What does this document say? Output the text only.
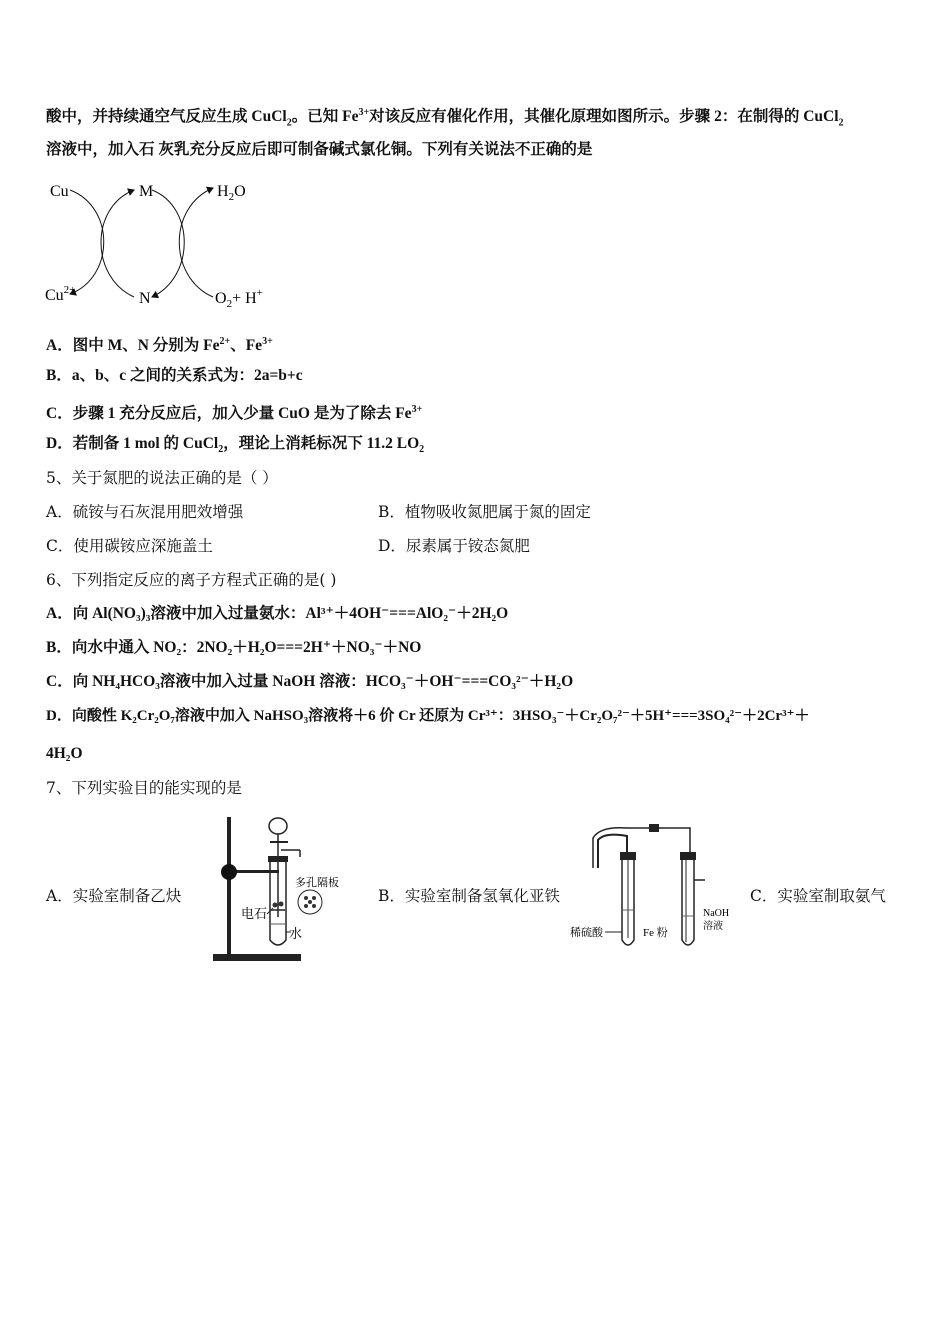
酸中，并持续通空气反应生成 CuCl$_2$。已知 $Fe^{3+}$对该反应有催化作用，其催化原理如图所示。步骤 2：在制得的 CuCl$_2$
溶液中，加入石 灰乳充分反应后即可制备碱式氯化铜。下列有关说法不正确的是
Cu
$Cu^{2+}$
M
N
$H_2O$
$O_2+ H^+$
A．图中 M、N 分别为 $Fe^{2+}$、$Fe^{3+}$
B．a、b、c 之间的关系式为：2a=b+c
C．步骤 1 充分反应后，加入少量 CuO 是为了除去 $Fe^{3+}$
D．若制备 1 mol 的 CuCl$_2$，理论上消耗标况下 11.2 $LO_2$
5、关于氮肥的说法正确的是（ ）
A．硫铵与石灰混用肥效增强	B．植物吸收氮肥属于氮的固定
C．使用碳铵应深施盖土	D．尿素属于铵态氮肥
6、下列指定反应的离子方程式正确的是( )
A．向 Al(NO₃)₃溶液中加入过量氨水：Al³⁺＋4OH⁻===AlO₂⁻＋2H₂O
B．向水中通入 NO₂：2NO₂＋H₂O===2H⁺＋NO₃⁻＋NO
C．向 NH₄HCO₃溶液中加入过量 NaOH 溶液：HCO₃⁻＋OH⁻===CO₃²⁻＋H₂O
D．向酸性 K₂Cr₂O₇溶液中加入 NaHSO₃溶液将＋6 价 Cr 还原为 Cr³⁺：3HSO₃⁻＋Cr₂O₇²⁻＋5H⁺===3SO₄²⁻＋2Cr³⁺＋
4H₂O
7、下列实验目的能实现的是
A．实验室制备乙炔	B．实验室制备氢氧化亚铁	C．实验室制取氨气
多孔隔板
电石
水	稀硫酸	Fe 粉
NaOH
溶液
